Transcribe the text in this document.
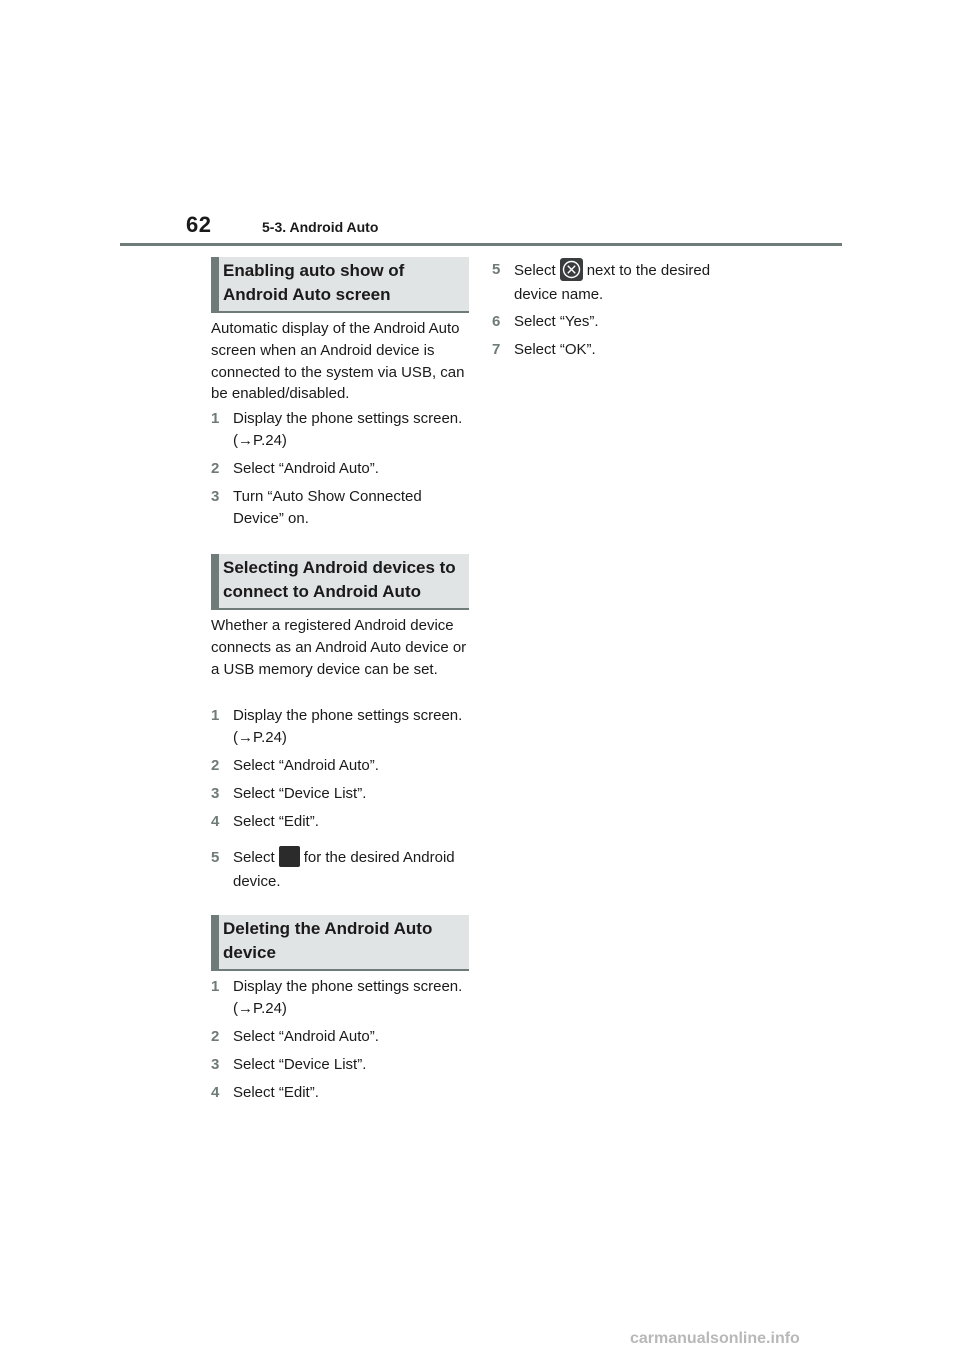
62	5-3. Android Auto
Enabling auto show of Android Auto screen
Automatic display of the Android Auto screen when an Android device is connected to the system via USB, can be enabled/disabled.
1 Display the phone settings screen. (→P.24)
2 Select “Android Auto”.
3 Turn “Auto Show Connected Device” on.
Selecting Android devices to connect to Android Auto
Whether a registered Android device connects as an Android Auto device or a USB memory device can be set.
1 Display the phone settings screen. (→P.24)
2 Select “Android Auto”.
3 Select “Device List”.
4 Select “Edit”.
5 Select for the desired Android device.
Deleting the Android Auto device
1 Display the phone settings screen. (→P.24)
2 Select “Android Auto”.
3 Select “Device List”.
4 Select “Edit”.
5 Select next to the desired device name.
6 Select “Yes”.
7 Select “OK”.
carmanualsonline.info
